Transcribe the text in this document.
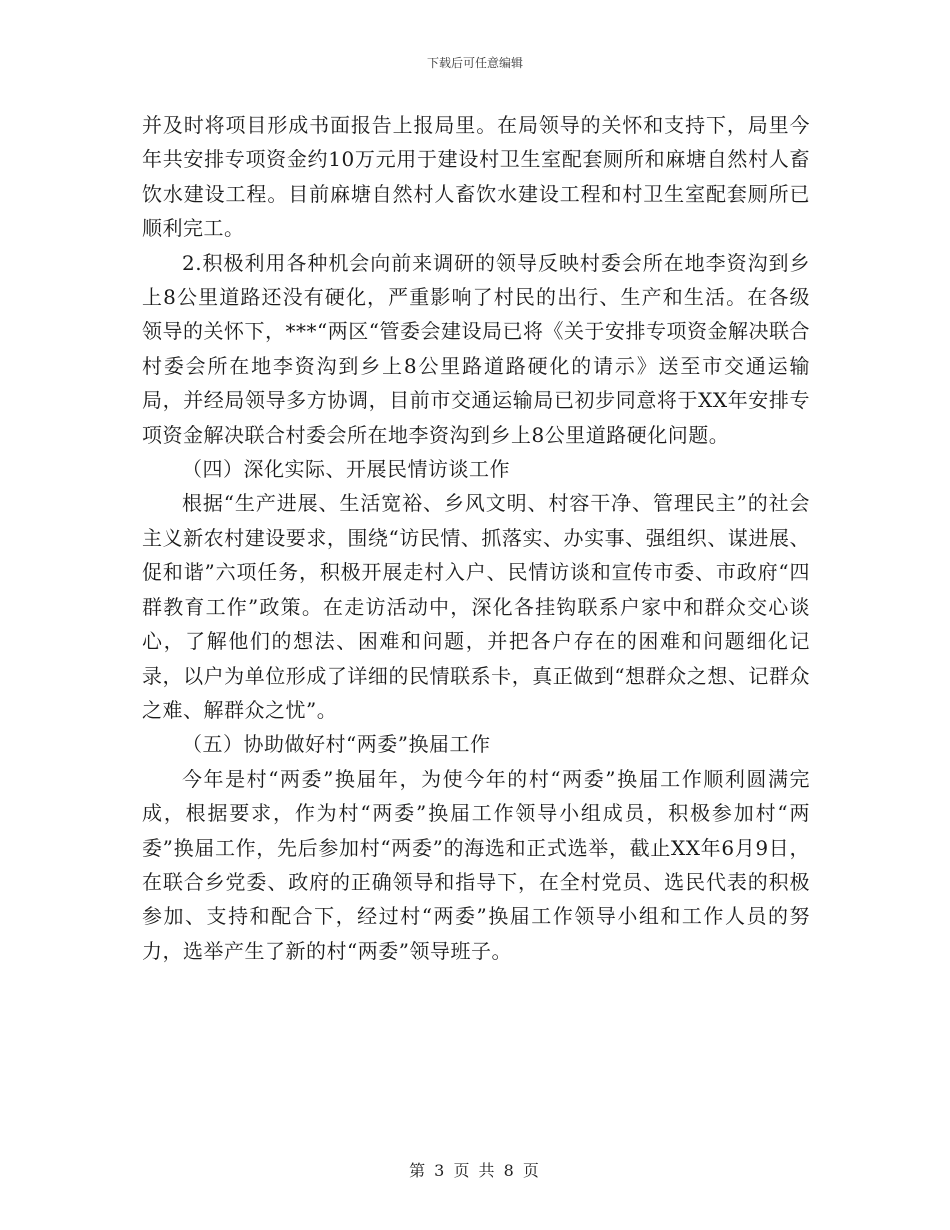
下载后可任意编辑

并及时将项目形成书面报告上报局里。在局领导的关怀和支持下，局里今年共安排专项资金约10万元用于建设村卫生室配套厕所和麻塘自然村人畜饮水建设工程。目前麻塘自然村人畜饮水建设工程和村卫生室配套厕所已顺利完工。

2.积极利用各种机会向前来调研的领导反映村委会所在地李资沟到乡上8公里道路还没有硬化，严重影响了村民的出行、生产和生活。在各级领导的关怀下，***“两区“管委会建设局已将《关于安排专项资金解决联合村委会所在地李资沟到乡上8公里路道路硬化的请示》送至市交通运输局，并经局领导多方协调，目前市交通运输局已初步同意将于XX年安排专项资金解决联合村委会所在地李资沟到乡上8公里道路硬化问题。

（四）深化实际、开展民情访谈工作

根据“生产进展、生活宽裕、乡风文明、村容干净、管理民主”的社会主义新农村建设要求，围绕“访民情、抓落实、办实事、强组织、谋进展、促和谐”六项任务，积极开展走村入户、民情访谈和宣传市委、市政府“四群教育工作”政策。在走访活动中，深化各挂钩联系户家中和群众交心谈心，了解他们的想法、困难和问题，并把各户存在的困难和问题细化记录，以户为单位形成了详细的民情联系卡，真正做到“想群众之想、记群众之难、解群众之忧”。

（五）协助做好村“两委”换届工作

今年是村“两委”换届年，为使今年的村“两委”换届工作顺利圆满完成，根据要求，作为村“两委”换届工作领导小组成员，积极参加村“两委”换届工作，先后参加村“两委”的海选和正式选举，截止XX年6月9日，在联合乡党委、政府的正确领导和指导下，在全村党员、选民代表的积极参加、支持和配合下，经过村“两委”换届工作领导小组和工作人员的努力，选举产生了新的村“两委”领导班子。

第 3 页 共 8 页
